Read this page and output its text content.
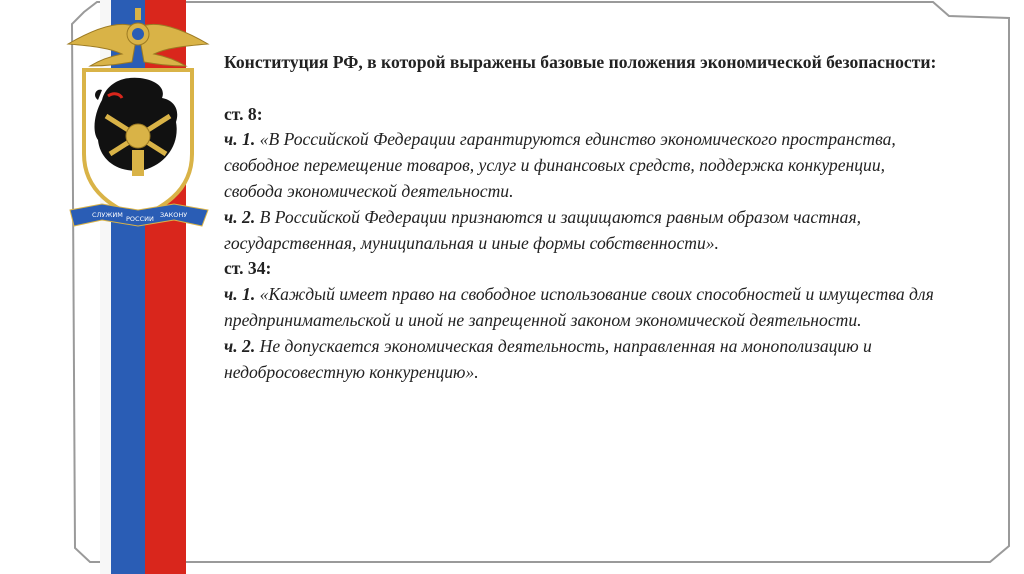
СЛУЖИМ РОССИИ ЗАКОНУ

Конституция РФ, в которой выражены базовые положения экономической безопасности:

ст. 8:

ч. 1. «В Российской Федерации гарантируются единство экономического пространства, свободное перемещение товаров, услуг и финансовых средств, поддержка конкуренции, свобода экономической деятельности.

ч. 2. В Российской Федерации признаются и защищаются равным образом частная, государственная, муниципальная и иные формы собственности».

ст. 34:

ч. 1. «Каждый имеет право на свободное использование своих способностей и имущества для предпринимательской и иной не запрещенной законом экономической деятельности.

ч. 2. Не допускается экономическая деятельность, направленная на монополизацию и недобросовестную конкуренцию».
